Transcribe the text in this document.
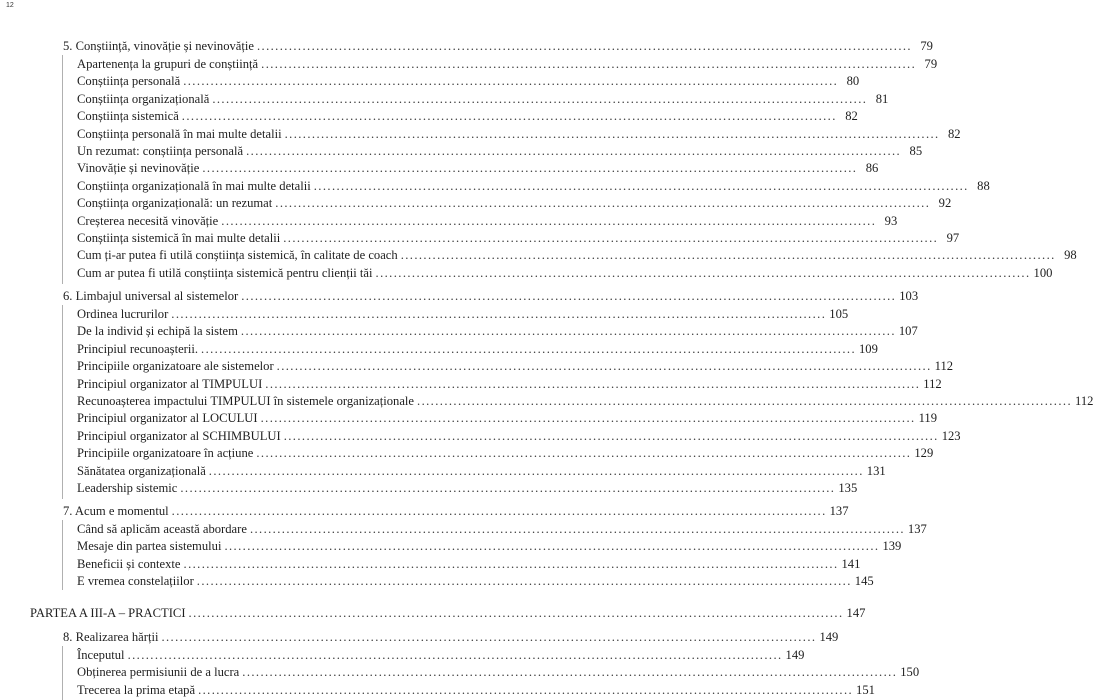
12
5. Conștiință, vinovăție și nevinovăție ................................................................................................................................................ 79
Apartenența la grupuri de conștiință ................................................................................................................................................ 79
Conștiința personală ................................................................................................................................................ 80
Conștiința organizațională ................................................................................................................................................ 81
Conștiința sistemică ................................................................................................................................................ 82
Conștiința personală în mai multe detalii ................................................................................................................................................ 82
Un rezumat: conștiința personală ................................................................................................................................................ 85
Vinovăție și nevinovăție ................................................................................................................................................ 86
Conștiința organizațională în mai multe detalii ................................................................................................................................................ 88
Conștiința organizațională: un rezumat ................................................................................................................................................ 92
Creșterea necesită vinovăție ................................................................................................................................................ 93
Conștiința sistemică în mai multe detalii ................................................................................................................................................ 97
Cum ți-ar putea fi utilă conștiința sistemică, în calitate de coach ................................................................................................................................................ 98
Cum ar putea fi utilă conștiința sistemică pentru clienții tăi ................................................................................................................................................ 100
6. Limbajul universal al sistemelor ................................................................................................................................................ 103
Ordinea lucrurilor ................................................................................................................................................ 105
De la individ și echipă la sistem ................................................................................................................................................ 107
Principiul recunoașterii. ................................................................................................................................................ 109
Principiile organizatoare ale sistemelor ................................................................................................................................................ 112
Principiul organizator al TIMPULUI ................................................................................................................................................ 112
Recunoașterea impactului TIMPULUI în sistemele organizaționale ................................................................................................................................................ 112
Principiul organizator al LOCULUI ................................................................................................................................................ 119
Principiul organizator al SCHIMBULUI ................................................................................................................................................ 123
Principiile organizatoare în acțiune ................................................................................................................................................ 129
Sănătatea organizațională ................................................................................................................................................ 131
Leadership sistemic ................................................................................................................................................ 135
7. Acum e momentul ................................................................................................................................................ 137
Când să aplicăm această abordare ................................................................................................................................................ 137
Mesaje din partea sistemului ................................................................................................................................................ 139
Beneficii și contexte ................................................................................................................................................ 141
E vremea constelațiilor ................................................................................................................................................ 145
PARTEA A III-A – PRACTICI ................................................................................................................................................ 147
8. Realizarea hărții ................................................................................................................................................ 149
Începutul ................................................................................................................................................ 149
Obținerea permisiunii de a lucra ................................................................................................................................................ 150
Trecerea la prima etapă ................................................................................................................................................ 151
